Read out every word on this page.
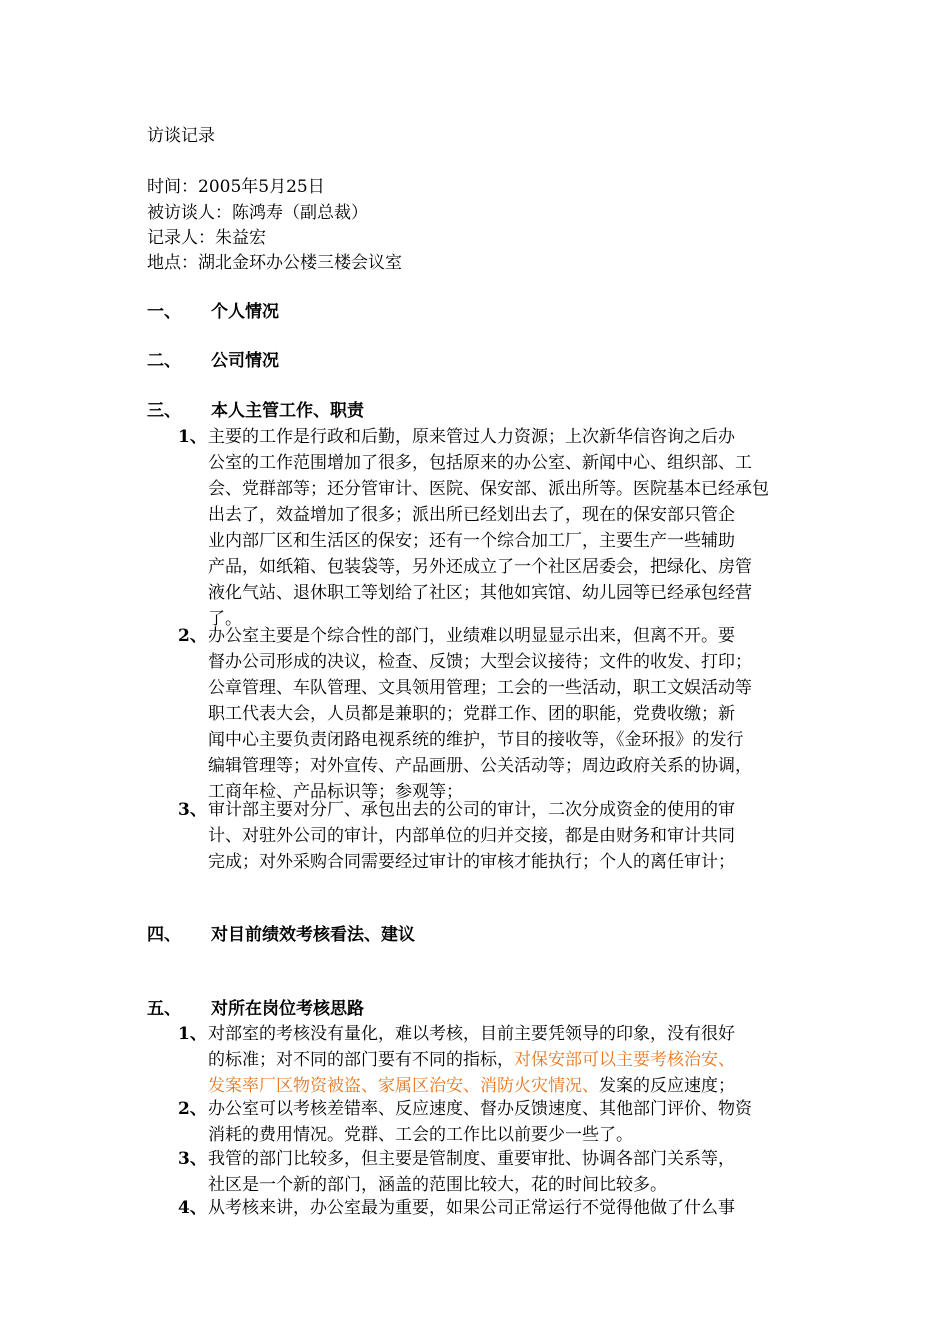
访谈记录
时间：2005年5月25日
被访谈人：陈鸿寿（副总裁）
记录人：朱益宏
地点：湖北金环办公楼三楼会议室
一、 个人情况
二、 公司情况
三、 本人主管工作、职责
1、 主要的工作是行政和后勤，原来管过人力资源；上次新华信咨询之后办
公室的工作范围增加了很多，包括原来的办公室、新闻中心、组织部、工
会、党群部等；还分管审计、医院、保安部、派出所等。医院基本已经承包
出去了，效益增加了很多；派出所已经划出去了，现在的保安部只管企
业内部厂区和生活区的保安；还有一个综合加工厂，主要生产一些辅助
产品，如纸箱、包装袋等，另外还成立了一个社区居委会，把绿化、房管
液化气站、退休职工等划给了社区；其他如宾馆、幼儿园等已经承包经营
了。
2、 办公室主要是个综合性的部门，业绩难以明显显示出来，但离不开。要
督办公司形成的决议，检查、反馈；大型会议接待；文件的收发、打印；
公章管理、车队管理、文具领用管理；工会的一些活动，职工文娱活动等
职工代表大会，人员都是兼职的；党群工作、团的职能，党费收缴；新
闻中心主要负责闭路电视系统的维护，节目的接收等，《金环报》的发行
编辑管理等；对外宣传、产品画册、公关活动等；周边政府关系的协调，
工商年检、产品标识等；参观等；
3、 审计部主要对分厂、承包出去的公司的审计，二次分成资金的使用的审
计、对驻外公司的审计，内部单位的归并交接，都是由财务和审计共同
完成；对外采购合同需要经过审计的审核才能执行；个人的离任审计；
四、 对目前绩效考核看法、建议
五、 对所在岗位考核思路
1、 对部室的考核没有量化，难以考核，目前主要凭领导的印象，没有很好
的标准；对不同的部门要有不同的指标，对保安部可以主要考核治安、
发案率厂区物资被盗、家属区治安、消防火灾情况、发案的反应速度；
2、 办公室可以考核差错率、反应速度、督办反馈速度、其他部门评价、物资
消耗的费用情况。党群、工会的工作比以前要少一些了。
3、 我管的部门比较多，但主要是管制度、重要审批、协调各部门关系等，
社区是一个新的部门，涵盖的范围比较大，花的时间比较多。
4、 从考核来讲，办公室最为重要，如果公司正常运行不觉得他做了什么事
